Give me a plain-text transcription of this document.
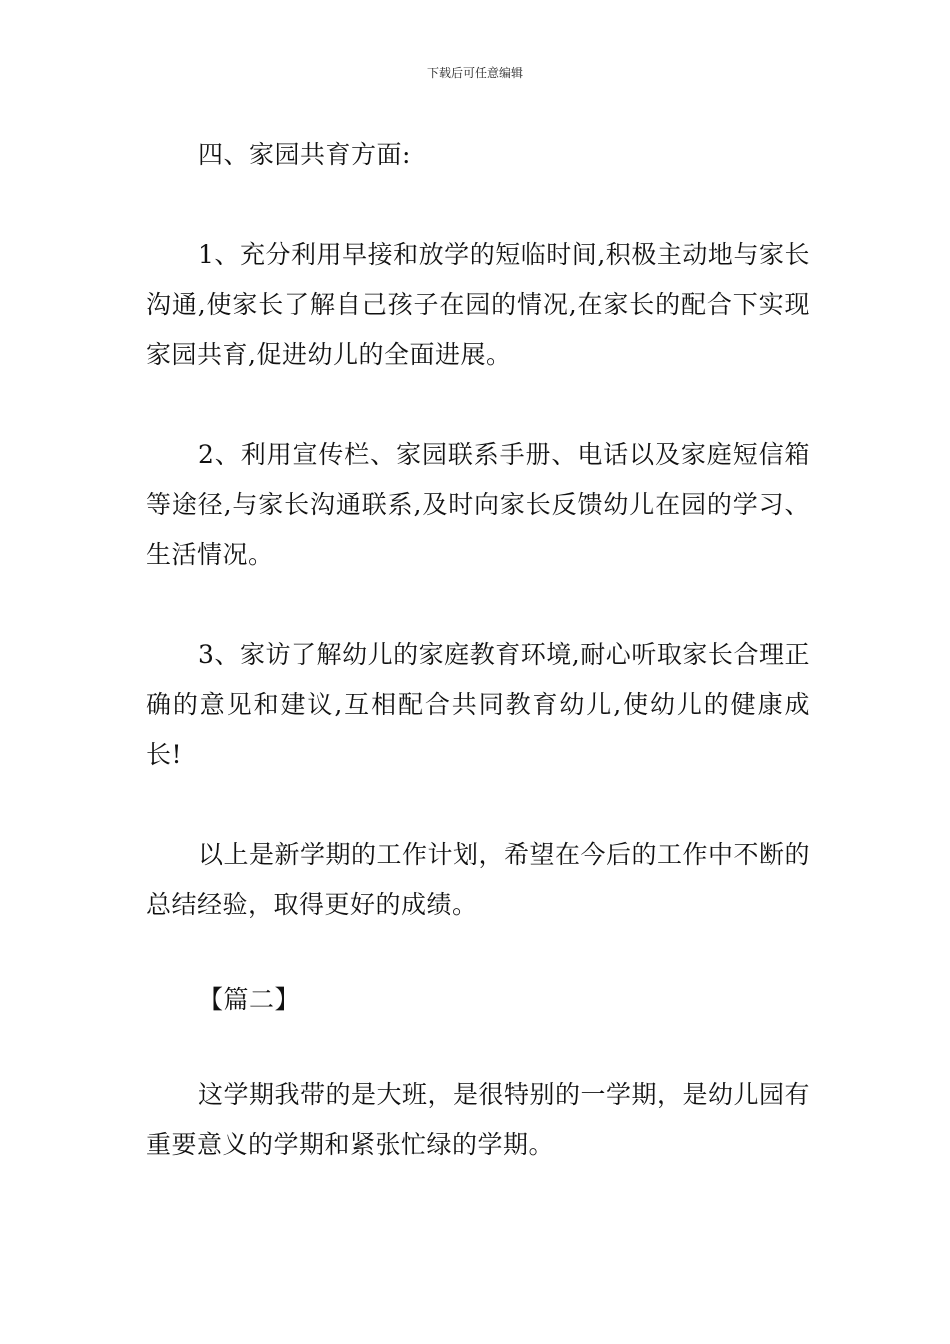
下载后可任意编辑

四、家园共育方面:

1、充分利用早接和放学的短临时间,积极主动地与家长沟通,使家长了解自己孩子在园的情况,在家长的配合下实现家园共育,促进幼儿的全面进展。

2、利用宣传栏、家园联系手册、电话以及家庭短信箱等途径,与家长沟通联系,及时向家长反馈幼儿在园的学习、生活情况。

3、家访了解幼儿的家庭教育环境,耐心听取家长合理正确的意见和建议,互相配合共同教育幼儿,使幼儿的健康成长!

以上是新学期的工作计划，希望在今后的工作中不断的总结经验，取得更好的成绩。

【篇二】

这学期我带的是大班，是很特别的一学期，是幼儿园有重要意义的学期和紧张忙绿的学期。
